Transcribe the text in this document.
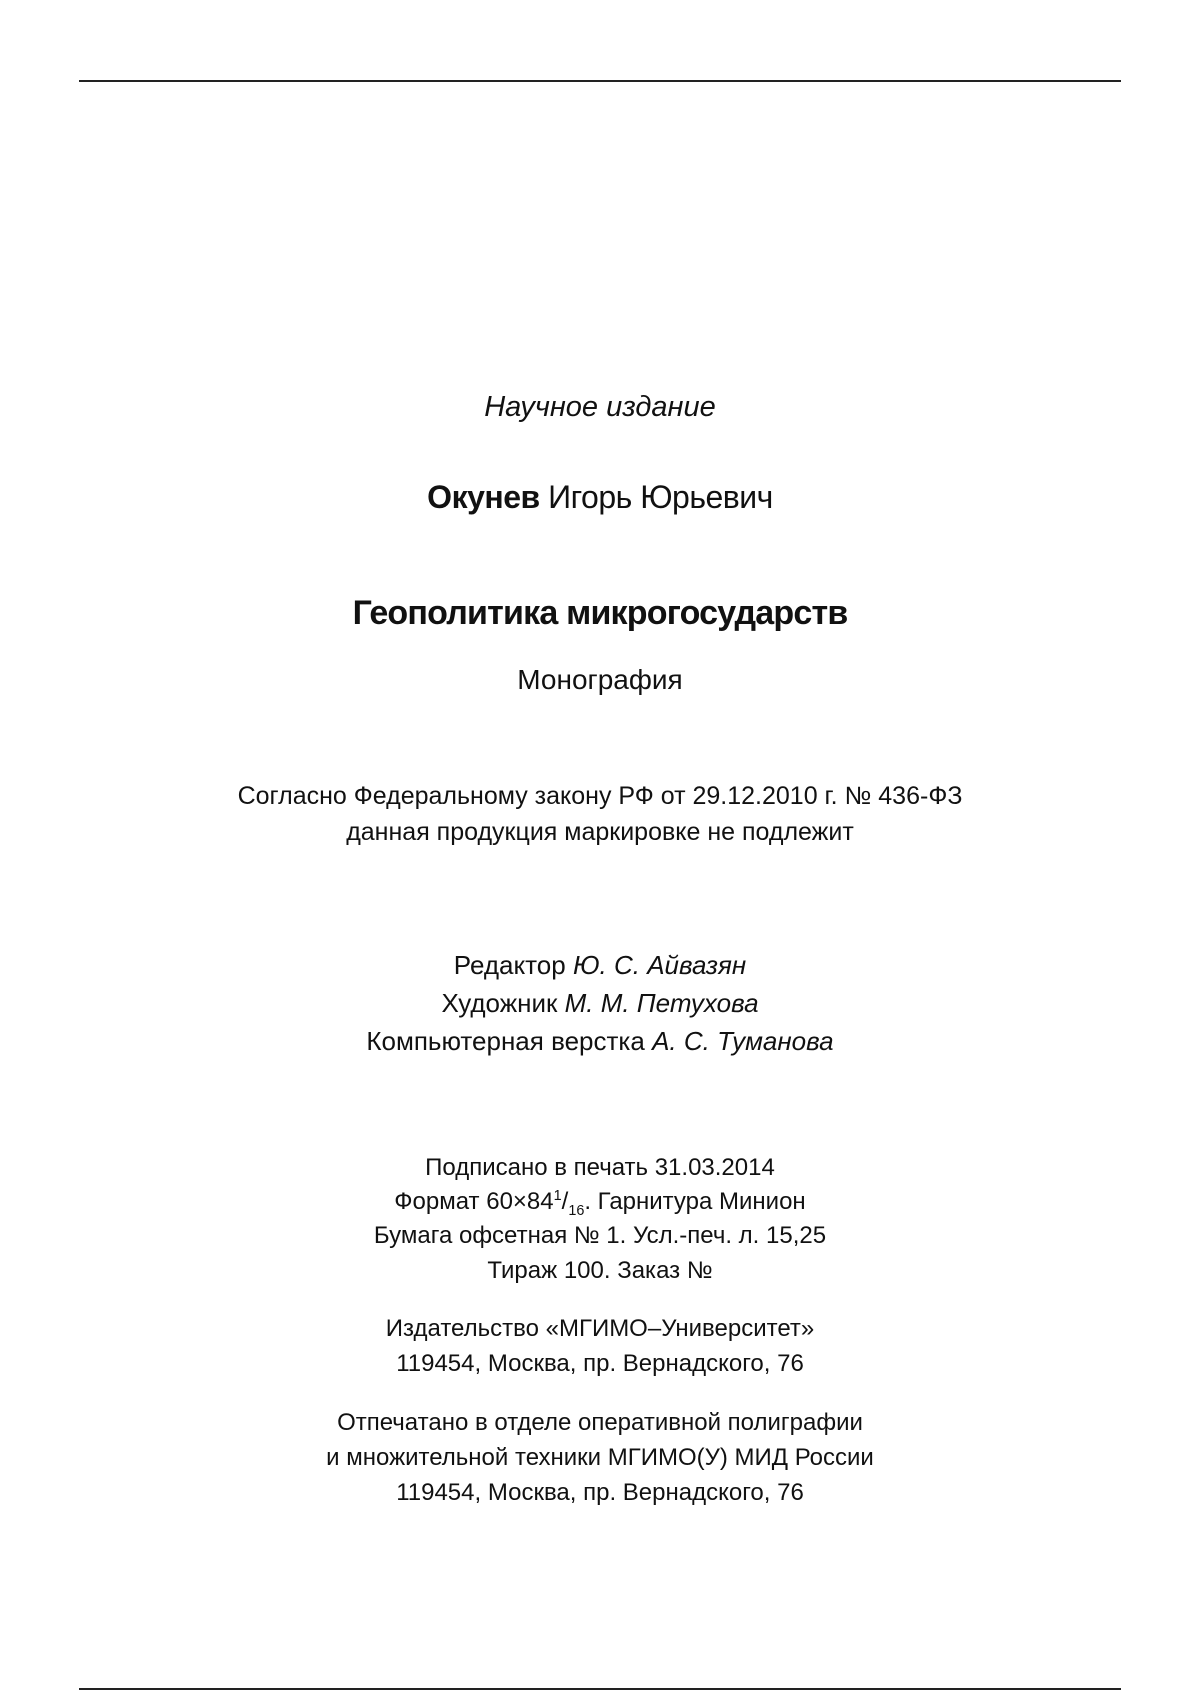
Научное издание
Окунев Игорь Юрьевич
Геополитика микрогосударств
Монография
Согласно Федеральному закону РФ от 29.12.2010 г. № 436-ФЗ
данная продукция маркировке не подлежит
Редактор Ю. С. Айвазян
Художник М. М. Петухова
Компьютерная верстка А. С. Туманова
Подписано в печать 31.03.2014
Формат $60\times 84^1/_{16}$. Гарнитура Минион
Бумага офсетная № 1. Усл.-печ. л. 15,25
Тираж 100. Заказ №
Издательство «МГИМО–Университет»
119454, Москва, пр. Вернадского, 76
Отпечатано в отделе оперативной полиграфии
и множительной техники МГИМО(У) МИД России
119454, Москва, пр. Вернадского, 76
